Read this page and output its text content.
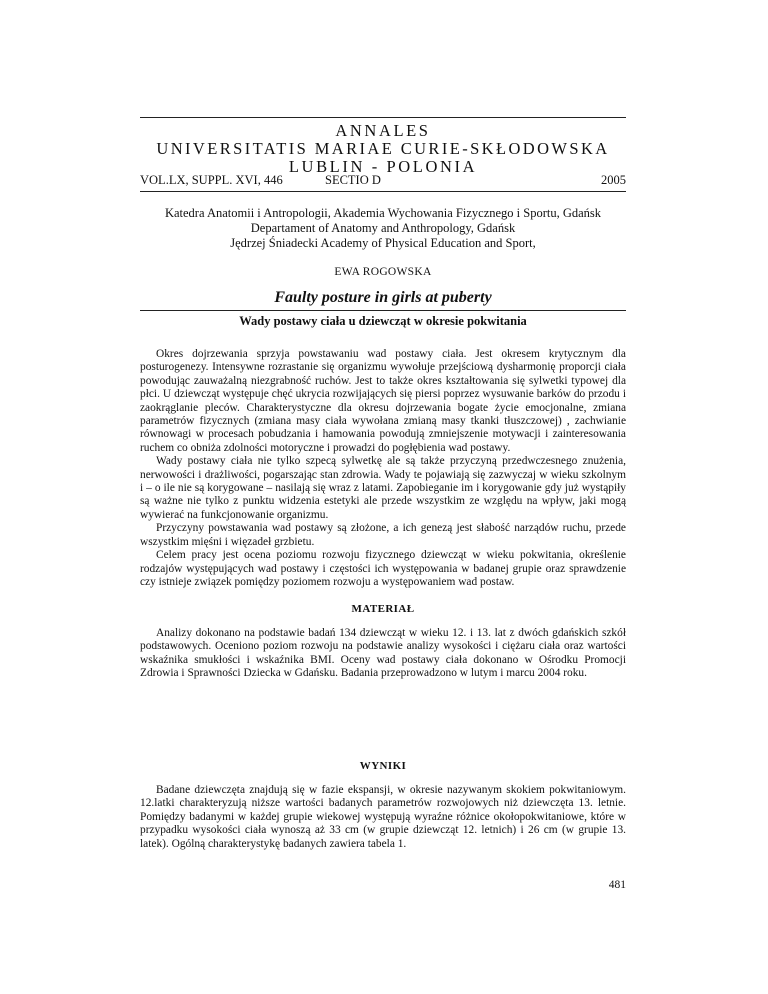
ANNALES
UNIVERSITATIS MARIAE CURIE-SKŁODOWSKA
LUBLIN - POLONIA
VOL.LX, SUPPL. XVI, 446	SECTIO D	2005
Katedra Anatomii i Antropologii, Akademia Wychowania Fizycznego i Sportu, Gdańsk
Departament of Anatomy and Anthropology, Gdańsk
Jędrzej Śniadecki Academy of Physical Education and Sport,
EWA ROGOWSKA
Faulty posture in girls at puberty
Wady postawy ciała u dziewcząt w okresie pokwitania

Okres dojrzewania sprzyja powstawaniu wad postawy ciała. Jest okresem krytycznym dla posturogenezy. Intensywne rozrastanie się organizmu wywołuje przejściową dysharmonię proporcji ciała powodując zauważalną niezgrabność ruchów. Jest to także okres kształtowania się sylwetki typowej dla płci. U dziewcząt występuje chęć ukrycia rozwijających się piersi poprzez wysuwanie barków do przodu i zaokrąglanie pleców. Charakterystyczne dla okresu dojrzewania bogate życie emocjonalne, zmiana parametrów fizycznych (zmiana masy ciała wywołana zmianą masy tkanki tłuszczowej) , zachwianie równowagi w procesach pobudzania i hamowania powodują zmniejszenie motywacji i zainteresowania ruchem co obniża zdolności motoryczne i prowadzi do pogłębienia wad postawy.

Wady postawy ciała nie tylko szpecą sylwetkę ale są także przyczyną przedwczesnego znużenia, nerwowości i drażliwości, pogarszając stan zdrowia. Wady te pojawiają się zazwyczaj w wieku szkolnym i – o ile nie są korygowane – nasilają się wraz z latami. Zapobieganie im i korygowanie gdy już wystąpiły są ważne nie tylko z punktu widzenia estetyki ale przede wszystkim ze względu na wpływ, jaki mogą wywierać na funkcjonowanie organizmu.

Przyczyny powstawania wad postawy są złożone, a ich genezą jest słabość narządów ruchu, przede wszystkim mięśni i więzadeł grzbietu.

Celem pracy jest ocena poziomu rozwoju fizycznego dziewcząt w wieku pokwitania, określenie rodzajów występujących wad postawy i częstości ich występowania w badanej grupie oraz sprawdzenie czy istnieje związek pomiędzy poziomem rozwoju a występowaniem wad postaw.

MATERIAŁ

Analizy dokonano na podstawie badań 134 dziewcząt w wieku 12. i 13. lat z dwóch gdańskich szkół podstawowych. Oceniono poziom rozwoju na podstawie analizy wysokości i ciężaru ciała oraz wartości wskaźnika smukłości i wskaźnika BMI. Oceny wad postawy ciała dokonano w Ośrodku Promocji Zdrowia i Sprawności Dziecka w Gdańsku. Badania przeprowadzono w lutym i marcu 2004 roku.

WYNIKI

Badane dziewczęta znajdują się w fazie ekspansji, w okresie nazywanym skokiem pokwitaniowym. 12.latki charakteryzują niższe wartości badanych parametrów rozwojowych niż dziewczęta 13. letnie. Pomiędzy badanymi w każdej grupie wiekowej występują wyraźne różnice okołopokwitaniowe, które w przypadku wysokości ciała wynoszą aż 33 cm (w grupie dziewcząt 12. letnich) i 26 cm (w grupie 13. latek). Ogólną charakterystykę badanych zawiera tabela 1.

481
